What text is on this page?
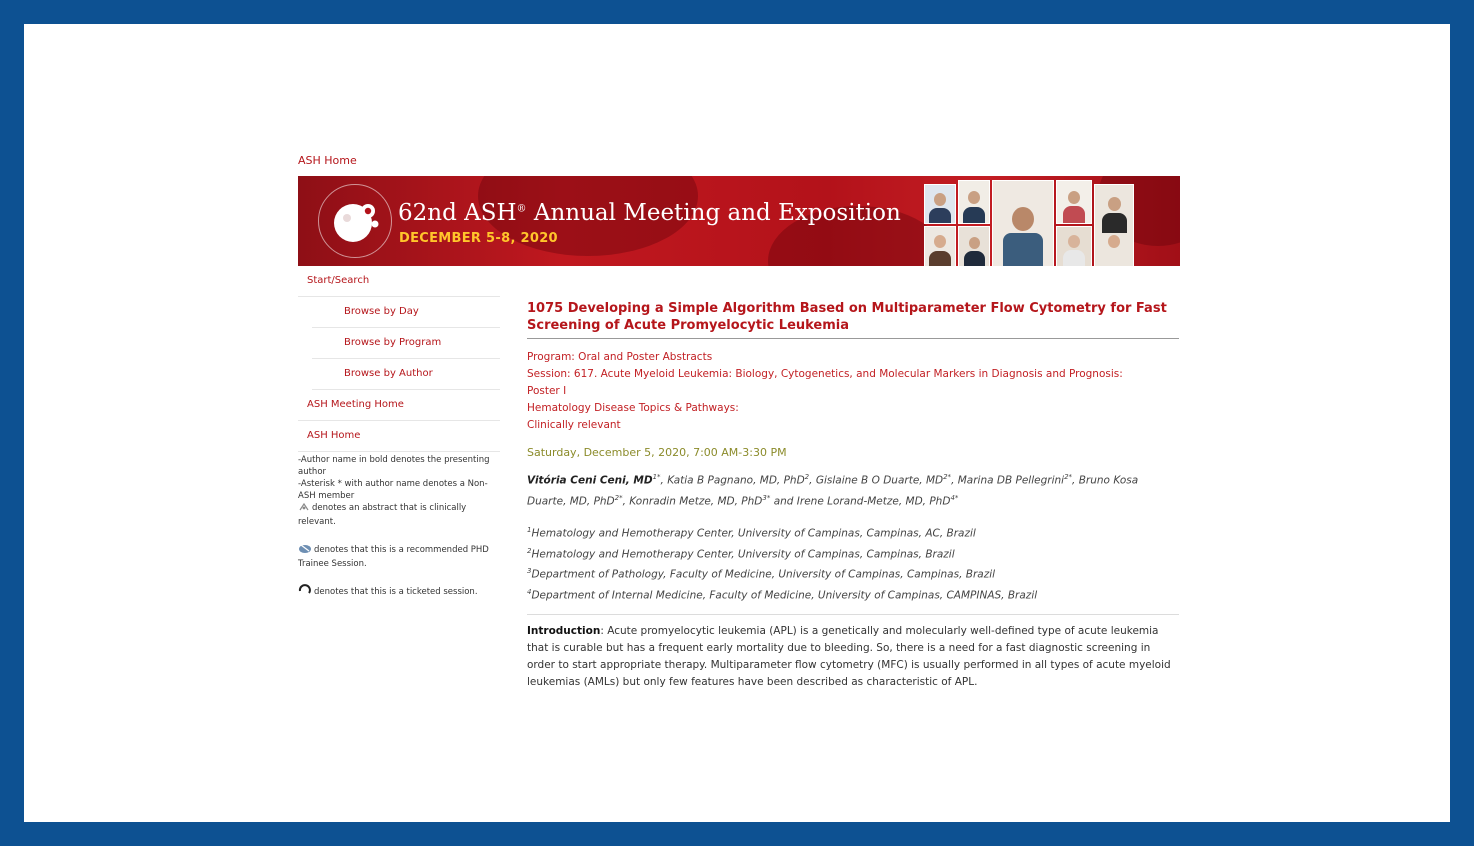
ASH Home
62nd ASH® Annual Meeting and Exposition
DECEMBER 5-8, 2020
Start/Search
Browse by Day
Browse by Program
Browse by Author
ASH Meeting Home
ASH Home

-Author name in bold denotes the presenting author

-Asterisk * with author name denotes a Non-ASH member

denotes an abstract that is clinically relevant.

denotes that this is a recommended PHD Trainee Session.

denotes that this is a ticketed session.

1075 Developing a Simple Algorithm Based on Multiparameter Flow Cytometry for Fast Screening of Acute Promyelocytic Leukemia
Program: Oral and Poster Abstracts
Session: 617. Acute Myeloid Leukemia: Biology, Cytogenetics, and Molecular Markers in Diagnosis and Prognosis:
Poster I
Hematology Disease Topics & Pathways:
Clinically relevant
Saturday, December 5, 2020, 7:00 AM-3:30 PM
Vitória Ceni Ceni, $MD^{1*}$, Katia B Pagnano, MD, PhD$^2$, Gislaine B O Duarte, $MD^{2*}$, Marina DB Pellegrini$^{2*}$, Bruno Kosa Duarte, MD, PhD$^{2*}$, Konradin Metze, MD, PhD$^{3*}$ and Irene Lorand-Metze, MD, PhD$^{4*}$
$^1$Hematology and Hemotherapy Center, University of Campinas, Campinas, AC, Brazil
$^2$Hematology and Hemotherapy Center, University of Campinas, Campinas, Brazil
$^3$Department of Pathology, Faculty of Medicine, University of Campinas, Campinas, Brazil
$^4$Department of Internal Medicine, Faculty of Medicine, University of Campinas, CAMPINAS, Brazil
Introduction: Acute promyelocytic leukemia (APL) is a genetically and molecularly well-defined type of acute leukemia that is curable but has a frequent early mortality due to bleeding. So, there is a need for a fast diagnostic screening in order to start appropriate therapy. Multiparameter flow cytometry (MFC) is usually performed in all types of acute myeloid leukemias (AMLs) but only few features have been described as characteristic of APL.
